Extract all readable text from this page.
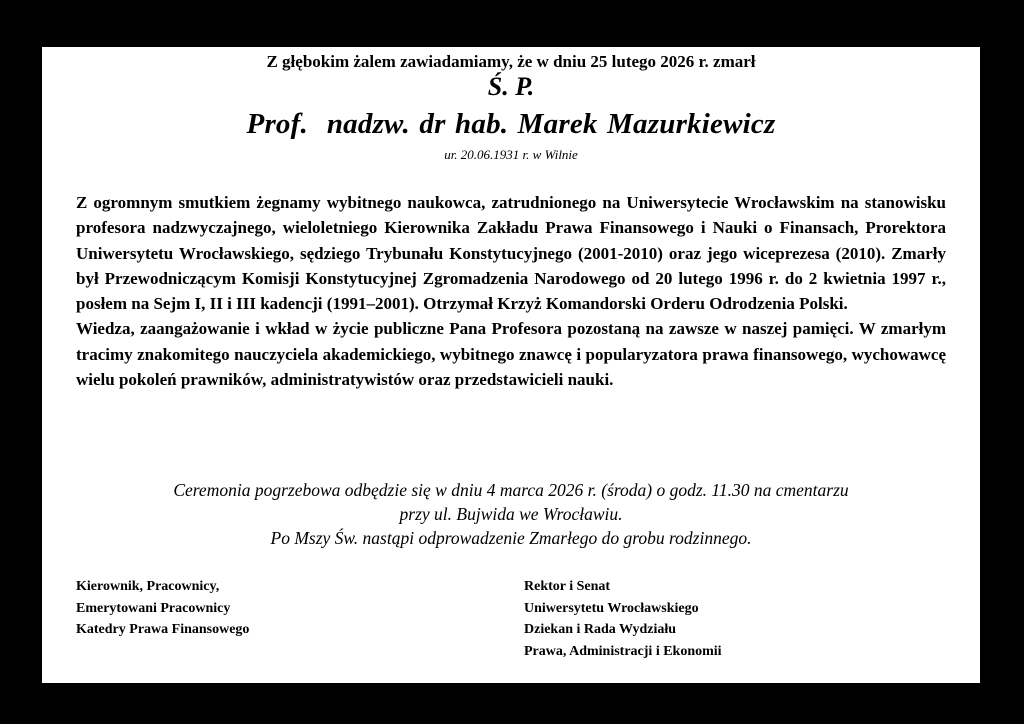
Z głębokim żalem zawiadamiamy, że w dniu 25 lutego 2026 r. zmarł
Ś. P.
Prof.  nadzw. dr hab. Marek Mazurkiewicz
ur. 20.06.1931 r. w Wilnie

Z ogromnym smutkiem żegnamy wybitnego naukowca, zatrudnionego na Uniwersytecie Wrocławskim na stanowisku profesora nadzwyczajnego, wieloletniego Kierownika Zakładu Prawa Finansowego i Nauki o Finansach, Prorektora Uniwersytetu Wrocławskiego, sędziego Trybunału Konstytucyjnego (2001-2010) oraz jego wiceprezesa (2010). Zmarły był Przewodniczącym Komisji Konstytucyjnej Zgromadzenia Narodowego od 20 lutego 1996 r. do 2 kwietnia 1997 r., posłem na Sejm I, II i III kadencji (1991–2001). Otrzymał Krzyż Komandorski Orderu Odrodzenia Polski.

Wiedza, zaangażowanie i wkład w życie publiczne Pana Profesora pozostaną na zawsze w naszej pamięci. W zmarłym tracimy znakomitego nauczyciela akademickiego, wybitnego znawcę i popularyzatora prawa finansowego, wychowawcę wielu pokoleń prawników, administratywistów oraz przedstawicieli nauki.

Ceremonia pogrzebowa odbędzie się w dniu 4 marca 2026 r. (środa) o godz. 11.30 na cmentarzu
przy ul. Bujwida we Wrocławiu.
Po Mszy Św. nastąpi odprowadzenie Zmarłego do grobu rodzinnego.
Kierownik, Pracownicy,
Emerytowani Pracownicy
Katedry Prawa Finansowego
Rektor i Senat
Uniwersytetu Wrocławskiego
Dziekan i Rada Wydziału
Prawa, Administracji i Ekonomii
